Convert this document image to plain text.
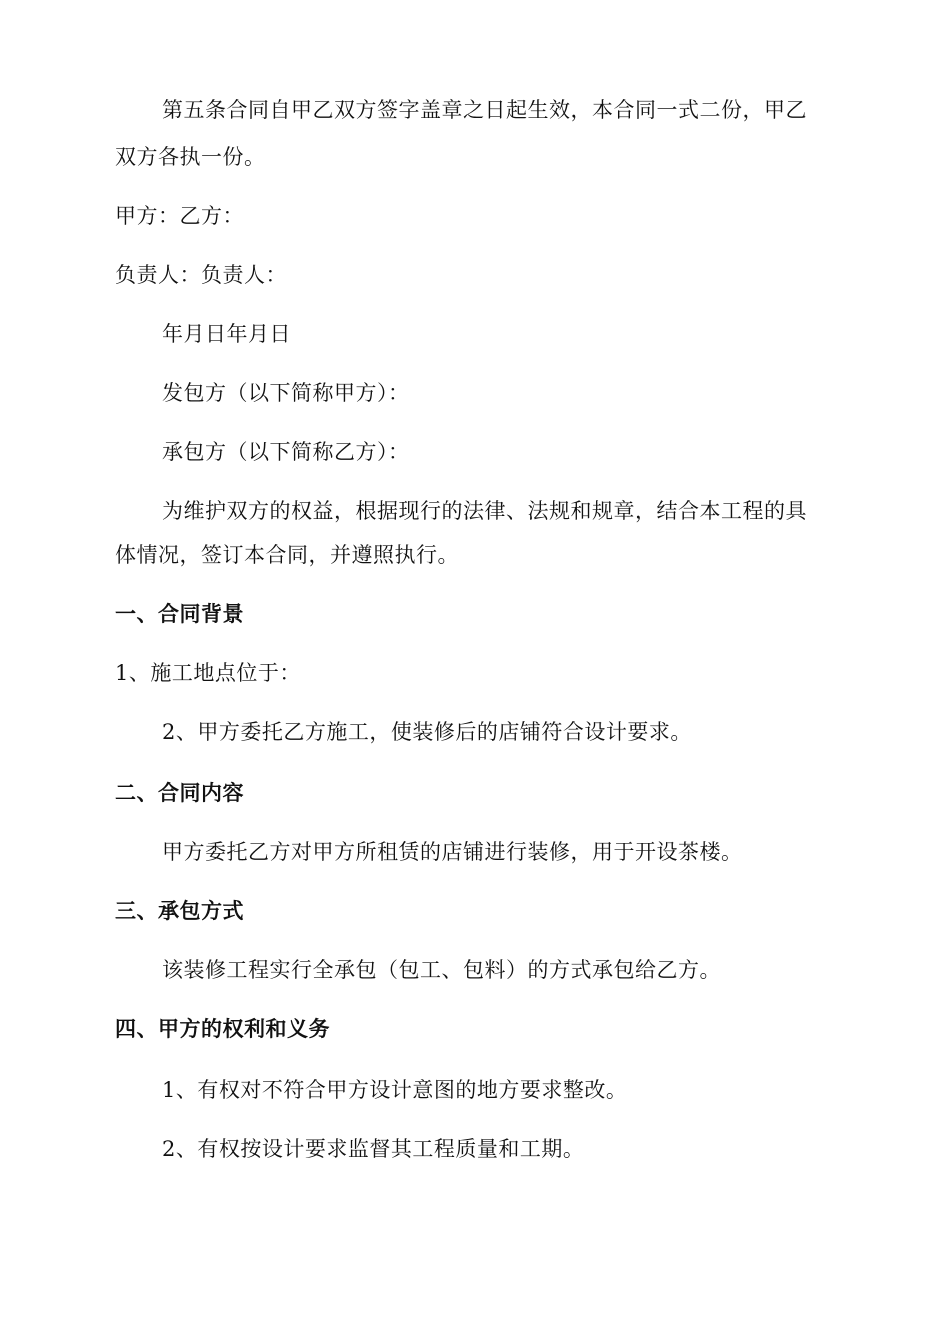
第五条合同自甲乙双方签字盖章之日起生效，本合同一式二份，甲乙
双方各执一份。
甲方：乙方：
负责人：负责人：
年月日年月日
发包方（以下简称甲方）：
承包方（以下简称乙方）：
为维护双方的权益，根据现行的法律、法规和规章，结合本工程的具
体情况，签订本合同，并遵照执行。
一、合同背景
1、施工地点位于：
2、甲方委托乙方施工，使装修后的店铺符合设计要求。
二、合同内容
甲方委托乙方对甲方所租赁的店铺进行装修，用于开设茶楼。
三、承包方式
该装修工程实行全承包（包工、包料）的方式承包给乙方。
四、甲方的权利和义务
1、有权对不符合甲方设计意图的地方要求整改。
2、有权按设计要求监督其工程质量和工期。
